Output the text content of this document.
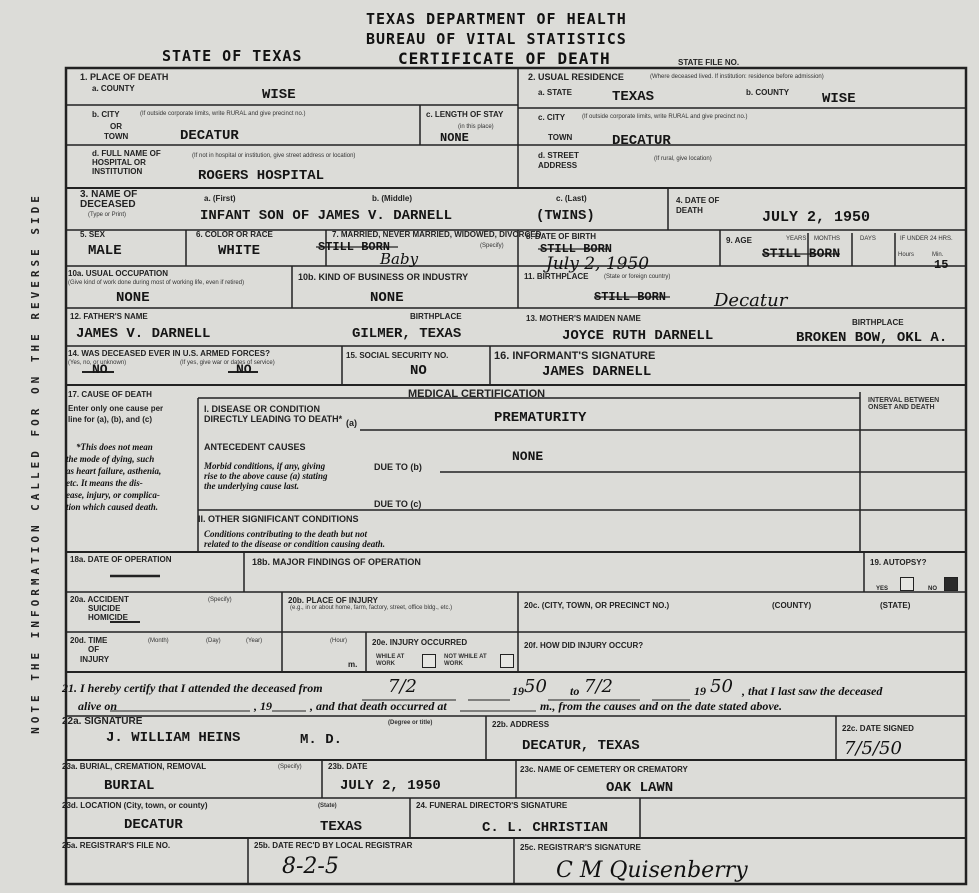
NOTE THE INFORMATION CALLED FOR ON THE REVERSE SIDE
TEXAS DEPARTMENT OF HEALTH
BUREAU OF VITAL STATISTICS
STATE OF TEXAS	CERTIFICATE OF DEATH	STATE FILE NO.
1. PLACE OF DEATH
a. COUNTY	WISE
b. CITY	(If outside corporate limits, write RURAL and give precinct no.)
OR
TOWN	DECATUR
c. LENGTH OF STAY
(in this place)
NONE
d. FULL NAME OF HOSPITAL OR INSTITUTION
(If not in hospital or institution, give street address or location)
ROGERS HOSPITAL
2. USUAL RESIDENCE	(Where deceased lived. If institution: residence before admission)
a. STATE	TEXAS	b. COUNTY WISE
c. CITY	(If outside corporate limits, write RURAL and give precinct no.)
TOWN	DECATUR
d. STREET ADDRESS
(If rural, give location)
3. NAME OF DECEASED
(Type or Print)
a. (First)	b. (Middle)	c. (Last)
INFANT SON OF JAMES V. DARNELL	(TWINS)
4. DATE OF DEATH	JULY 2, 1950
5. SEX
MALE
6. COLOR OR RACE
WHITE
7. MARRIED, NEVER MARRIED, WIDOWED, DIVORCED
(Specify)
STILL BORN
Baby
8. DATE OF BIRTH
STILL BORN
July 2, 1950
9. AGE	YEARS MONTHS	DAYS	IF UNDER 24 HRS.
Hours	Min.
STILL BORN
15
10a. USUAL OCCUPATION
(Give kind of work done during most of working life, even if retired)
NONE
10b. KIND OF BUSINESS OR INDUSTRY
NONE
11. BIRTHPLACE	(State or foreign country)
STILL BORN	Decatur
12. FATHER'S NAME	BIRTHPLACE
JAMES V. DARNELL	GILMER, TEXAS
13. MOTHER'S MAIDEN NAME	BIRTHPLACE
JOYCE RUTH DARNELL	BROKEN BOW, OKL A.
14. WAS DECEASED EVER IN U.S. ARMED FORCES?
(Yes, no, or unknown)	(If yes, give war or dates of service)
NO	NO
15. SOCIAL SECURITY NO.
NO
16. INFORMANT'S SIGNATURE
JAMES DARNELL
17. CAUSE OF DEATH	MEDICAL CERTIFICATION
INTERVAL BETWEEN ONSET AND DEATH
Enter only one cause per
line for (a), (b), and (c)
*This does not mean
the mode of dying, such
as heart failure, asthenia,
etc. It means the dis-
ease, injury, or complica-
tion which caused death.
I. DISEASE OR CONDITION
DIRECTLY LEADING TO DEATH* (a)	PREMATURITY
ANTECEDENT CAUSES
Morbid conditions, if any, giving
rise to the above cause (a) stating
the underlying cause last.
DUE TO (b)
NONE
DUE TO (c)
II. OTHER SIGNIFICANT CONDITIONS
Conditions contributing to the death but not
related to the disease or condition causing death.
18a. DATE OF OPERATION	18b. MAJOR FINDINGS OF OPERATION	19. AUTOPSY?
YES	NO
20a. ACCIDENT
SUICIDE
HOMICIDE
(Specify)	20b. PLACE OF INJURY
(e.g., in or about home, farm, factory, street, office bldg., etc.)	20c. (CITY, TOWN, OR PRECINCT NO.)	(COUNTY)	(STATE)
20d. TIME
OF
INJURY
(Month)	(Day)	(Year)	(Hour)
m.
20e. INJURY OCCURRED
WHILE AT WORK
NOT WHILE AT WORK
20f. HOW DID INJURY OCCUR?
21. I hereby certify that I attended the deceased from	7/2	19 50 to 7/2	19 50 , that I last saw the deceased
alive on	, 19	, and that death occurred at	m., from the causes and on the date stated above.
22a. SIGNATURE	(Degree or title)
J. WILLIAM HEINS	M. D.
22b. ADDRESS
DECATUR, TEXAS
22c. DATE SIGNED
7/5/50
23a. BURIAL, CREMATION, REMOVAL	(Specify)
BURIAL
23b. DATE
JULY 2, 1950
23c. NAME OF CEMETERY OR CREMATORY
OAK LAWN
23d. LOCATION (City, town, or county)	(State)
DECATUR	TEXAS
24. FUNERAL DIRECTOR'S SIGNATURE
C. L. CHRISTIAN
25a. REGISTRAR'S FILE NO.	25b. DATE REC'D BY LOCAL REGISTRAR
8-2-5
25c. REGISTRAR'S SIGNATURE
C M Quisenberry
